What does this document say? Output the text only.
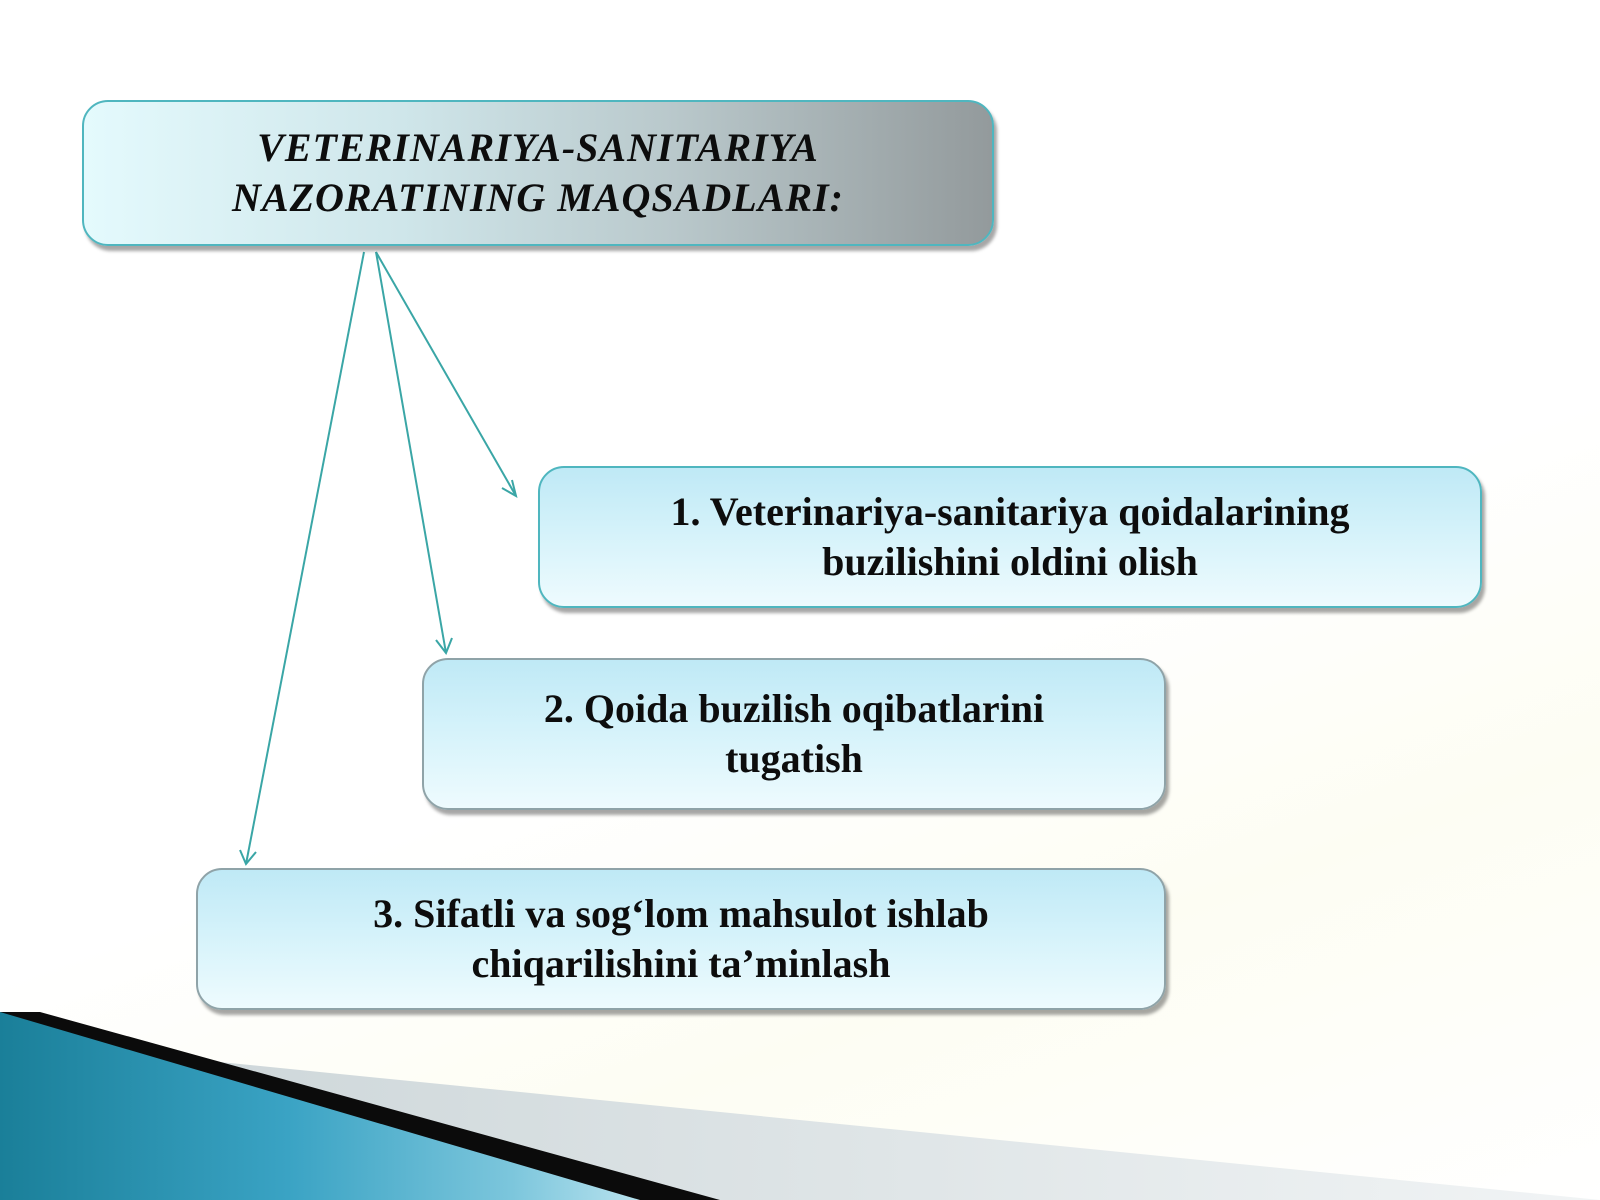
VETERINARIYA-SANITARIYA
NAZORATINING MAQSADLARI:
1. Veterinariya-sanitariya qoidalarining
buzilishini oldini olish
2. Qoida buzilish oqibatlarini
tugatish
3. Sifatli va sog‘lom mahsulot ishlab
chiqarilishini ta’minlash
